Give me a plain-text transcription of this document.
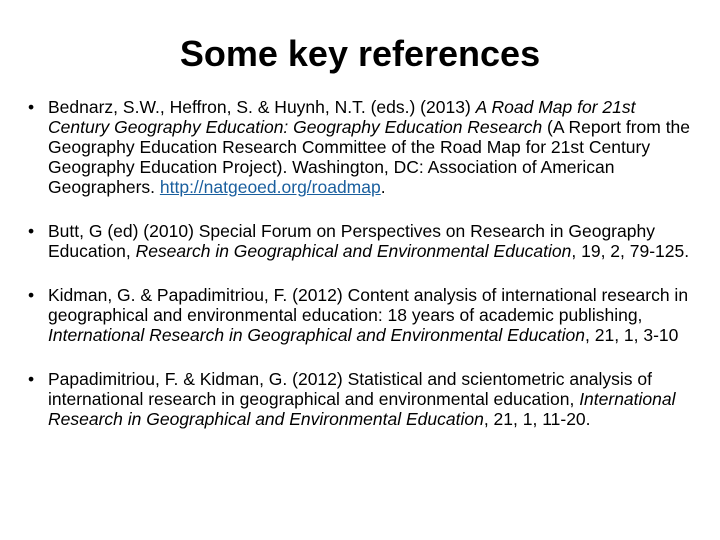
Some key references
• Bednarz, S.W., Heffron, S. & Huynh, N.T. (eds.) (2013) A Road Map for 21st Century Geography Education: Geography Education Research (A Report from the Geography Education Research Committee of the Road Map for 21st Century Geography Education Project). Washington, DC: Association of American Geographers. http://natgeoed.org/roadmap.
• Butt, G (ed) (2010) Special Forum on Perspectives on Research in Geography Education, Research in Geographical and Environmental Education, 19, 2, 79-125.
• Kidman, G. & Papadimitriou, F. (2012) Content analysis of international research in geographical and environmental education: 18 years of academic publishing, International Research in Geographical and Environmental Education, 21, 1, 3-10
• Papadimitriou, F. & Kidman, G. (2012) Statistical and scientometric analysis of international research in geographical and environmental education, International Research in Geographical and Environmental Education, 21, 1, 11-20.
